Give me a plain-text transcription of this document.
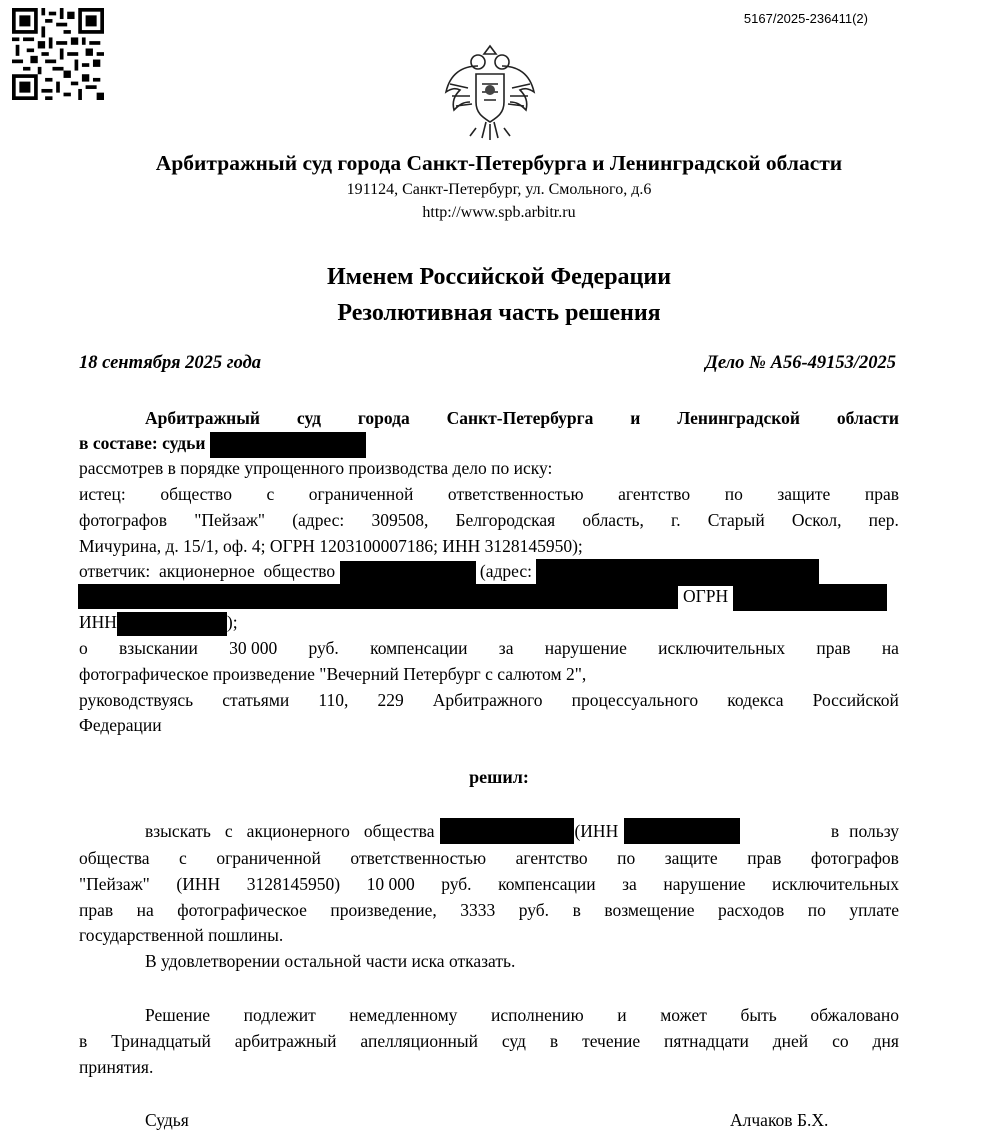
5167/2025-236411(2)
Арбитражный суд города Санкт-Петербурга и Ленинградской области
191124, Санкт-Петербург, ул. Смольного, д.6
http://www.spb.arbitr.ru
Именем Российской Федерации
Резолютивная часть решения
18 сентября 2025 года	Дело № А56-49153/2025
Арбитражный суд города Санкт-Петербурга и Ленинградской области
в составе: судьи
рассмотрев в порядке упрощенного производства дело по иску:
истец: общество с ограниченной ответственностью агентство по защите прав
фотографов "Пейзаж" (адрес: 309508, Белгородская область, г. Старый Оскол, пер.
Мичурина, д. 15/1, оф. 4; ОГРН 1203100007186; ИНН 3128145950);
ответчик: акционерное общество	(адрес:
ОГРН
ИНН	);
о взыскании 30 000 руб. компенсации за нарушение исключительных прав на
фотографическое произведение "Вечерний Петербург с салютом 2",
руководствуясь статьями 110, 229 Арбитражного процессуального кодекса Российской
Федерации
решил:
взыскать с акционерного общества	(ИНН	в пользу
общества с ограниченной ответственностью агентство по защите прав фотографов
"Пейзаж" (ИНН 3128145950) 10 000 руб. компенсации за нарушение исключительных
прав на фотографическое произведение, 3333 руб. в возмещение расходов по уплате
государственной пошлины.
В удовлетворении остальной части иска отказать.
Решение подлежит немедленному исполнению и может быть обжаловано
в Тринадцатый арбитражный апелляционный суд в течение пятнадцати дней со дня
принятия.
Судья	Алчаков Б.Х.
